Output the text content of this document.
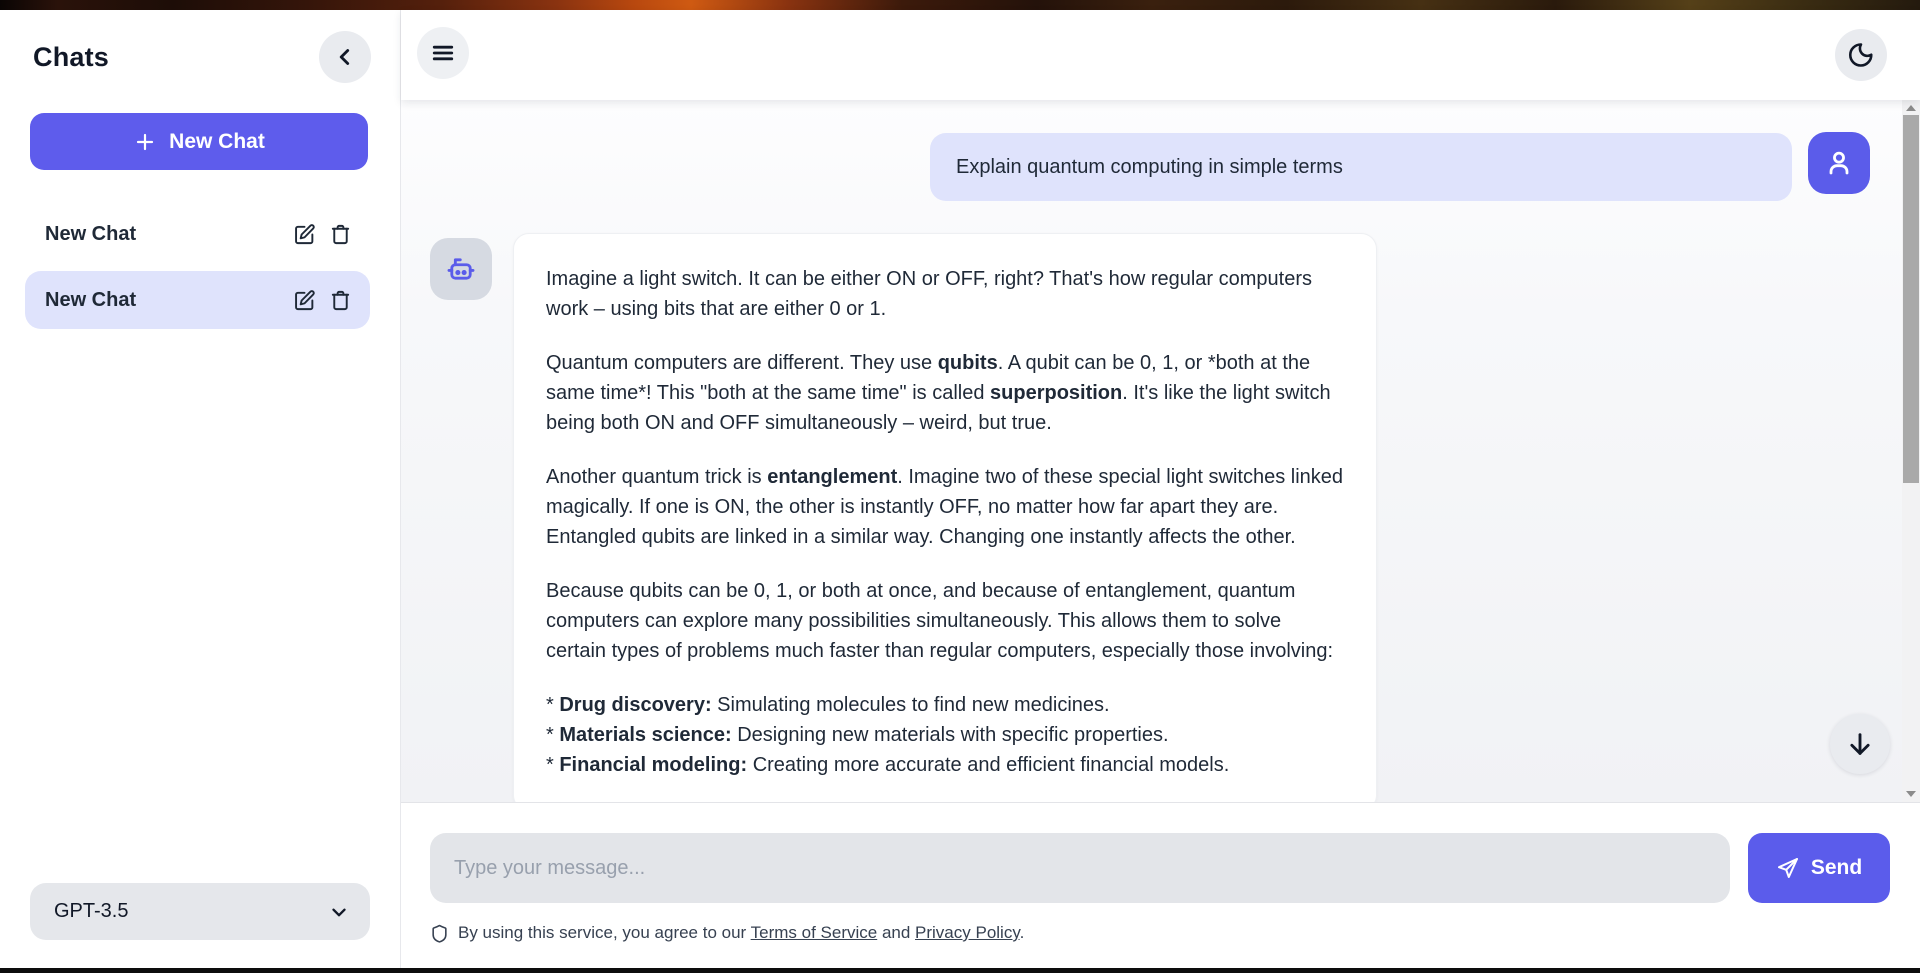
Chats
New Chat
New Chat
New Chat
GPT-3.5
Explain quantum computing in simple terms

Imagine a light switch. It can be either ON or OFF, right? That's how regular computers work – using bits that are either 0 or 1.

Quantum computers are different. They use qubits. A qubit can be 0, 1, or *both at the same time*! This "both at the same time" is called superposition. It's like the light switch being both ON and OFF simultaneously – weird, but true.

Another quantum trick is entanglement. Imagine two of these special light switches linked magically. If one is ON, the other is instantly OFF, no matter how far apart they are. Entangled qubits are linked in a similar way. Changing one instantly affects the other.

Because qubits can be 0, 1, or both at once, and because of entanglement, quantum computers can explore many possibilities simultaneously. This allows them to solve certain types of problems much faster than regular computers, especially those involving:

* Drug discovery: Simulating molecules to find new medicines.

* Materials science: Designing new materials with specific properties.

* Financial modeling: Creating more accurate and efficient financial models.

Type your message...
Send
By using this service, you agree to our Terms of Service and Privacy Policy.
